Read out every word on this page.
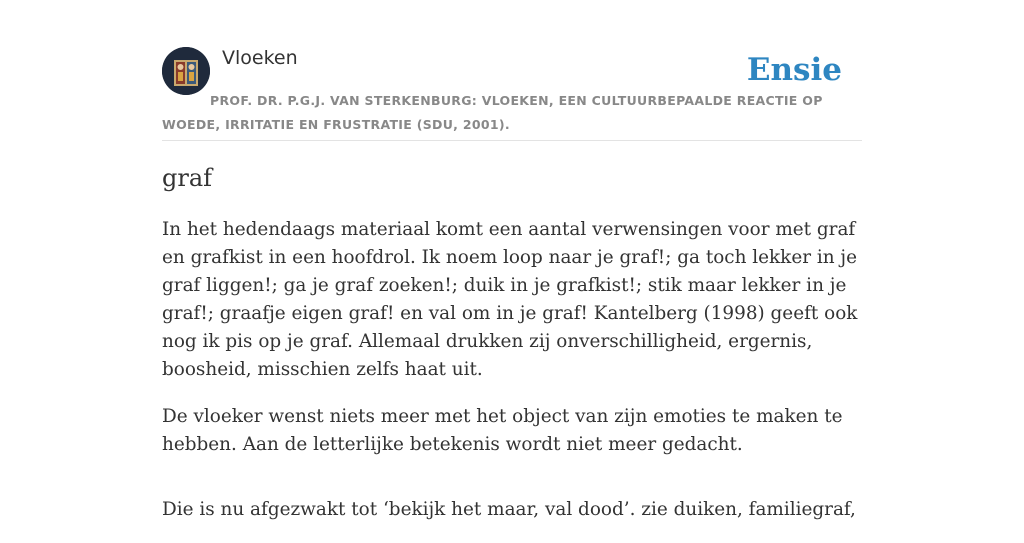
Vloeken	Ensie
PROF. DR. P.G.J. VAN STERKENBURG: VLOEKEN, EEN CULTUURBEPAALDE REACTIE OP WOEDE, IRRITATIE EN FRUSTRATIE (SDU, 2001).
graf

In het hedendaags materiaal komt een aantal verwensingen voor met graf en grafkist in een hoofdrol. Ik noem loop naar je graf!; ga toch lekker in je graf liggen!; ga je graf zoeken!; duik in je grafkist!; stik maar lekker in je graf!; graafje eigen graf! en val om in je graf! Kantelberg (1998) geeft ook nog ik pis op je graf. Allemaal drukken zij onverschilligheid, ergernis, boosheid, misschien zelfs haat uit.

De vloeker wenst niets meer met het object van zijn emoties te maken te hebben. Aan de letterlijke betekenis wordt niet meer gedacht.

Die is nu afgezwakt tot ‘bekijk het maar, val dood’. zie duiken, familiegraf,
